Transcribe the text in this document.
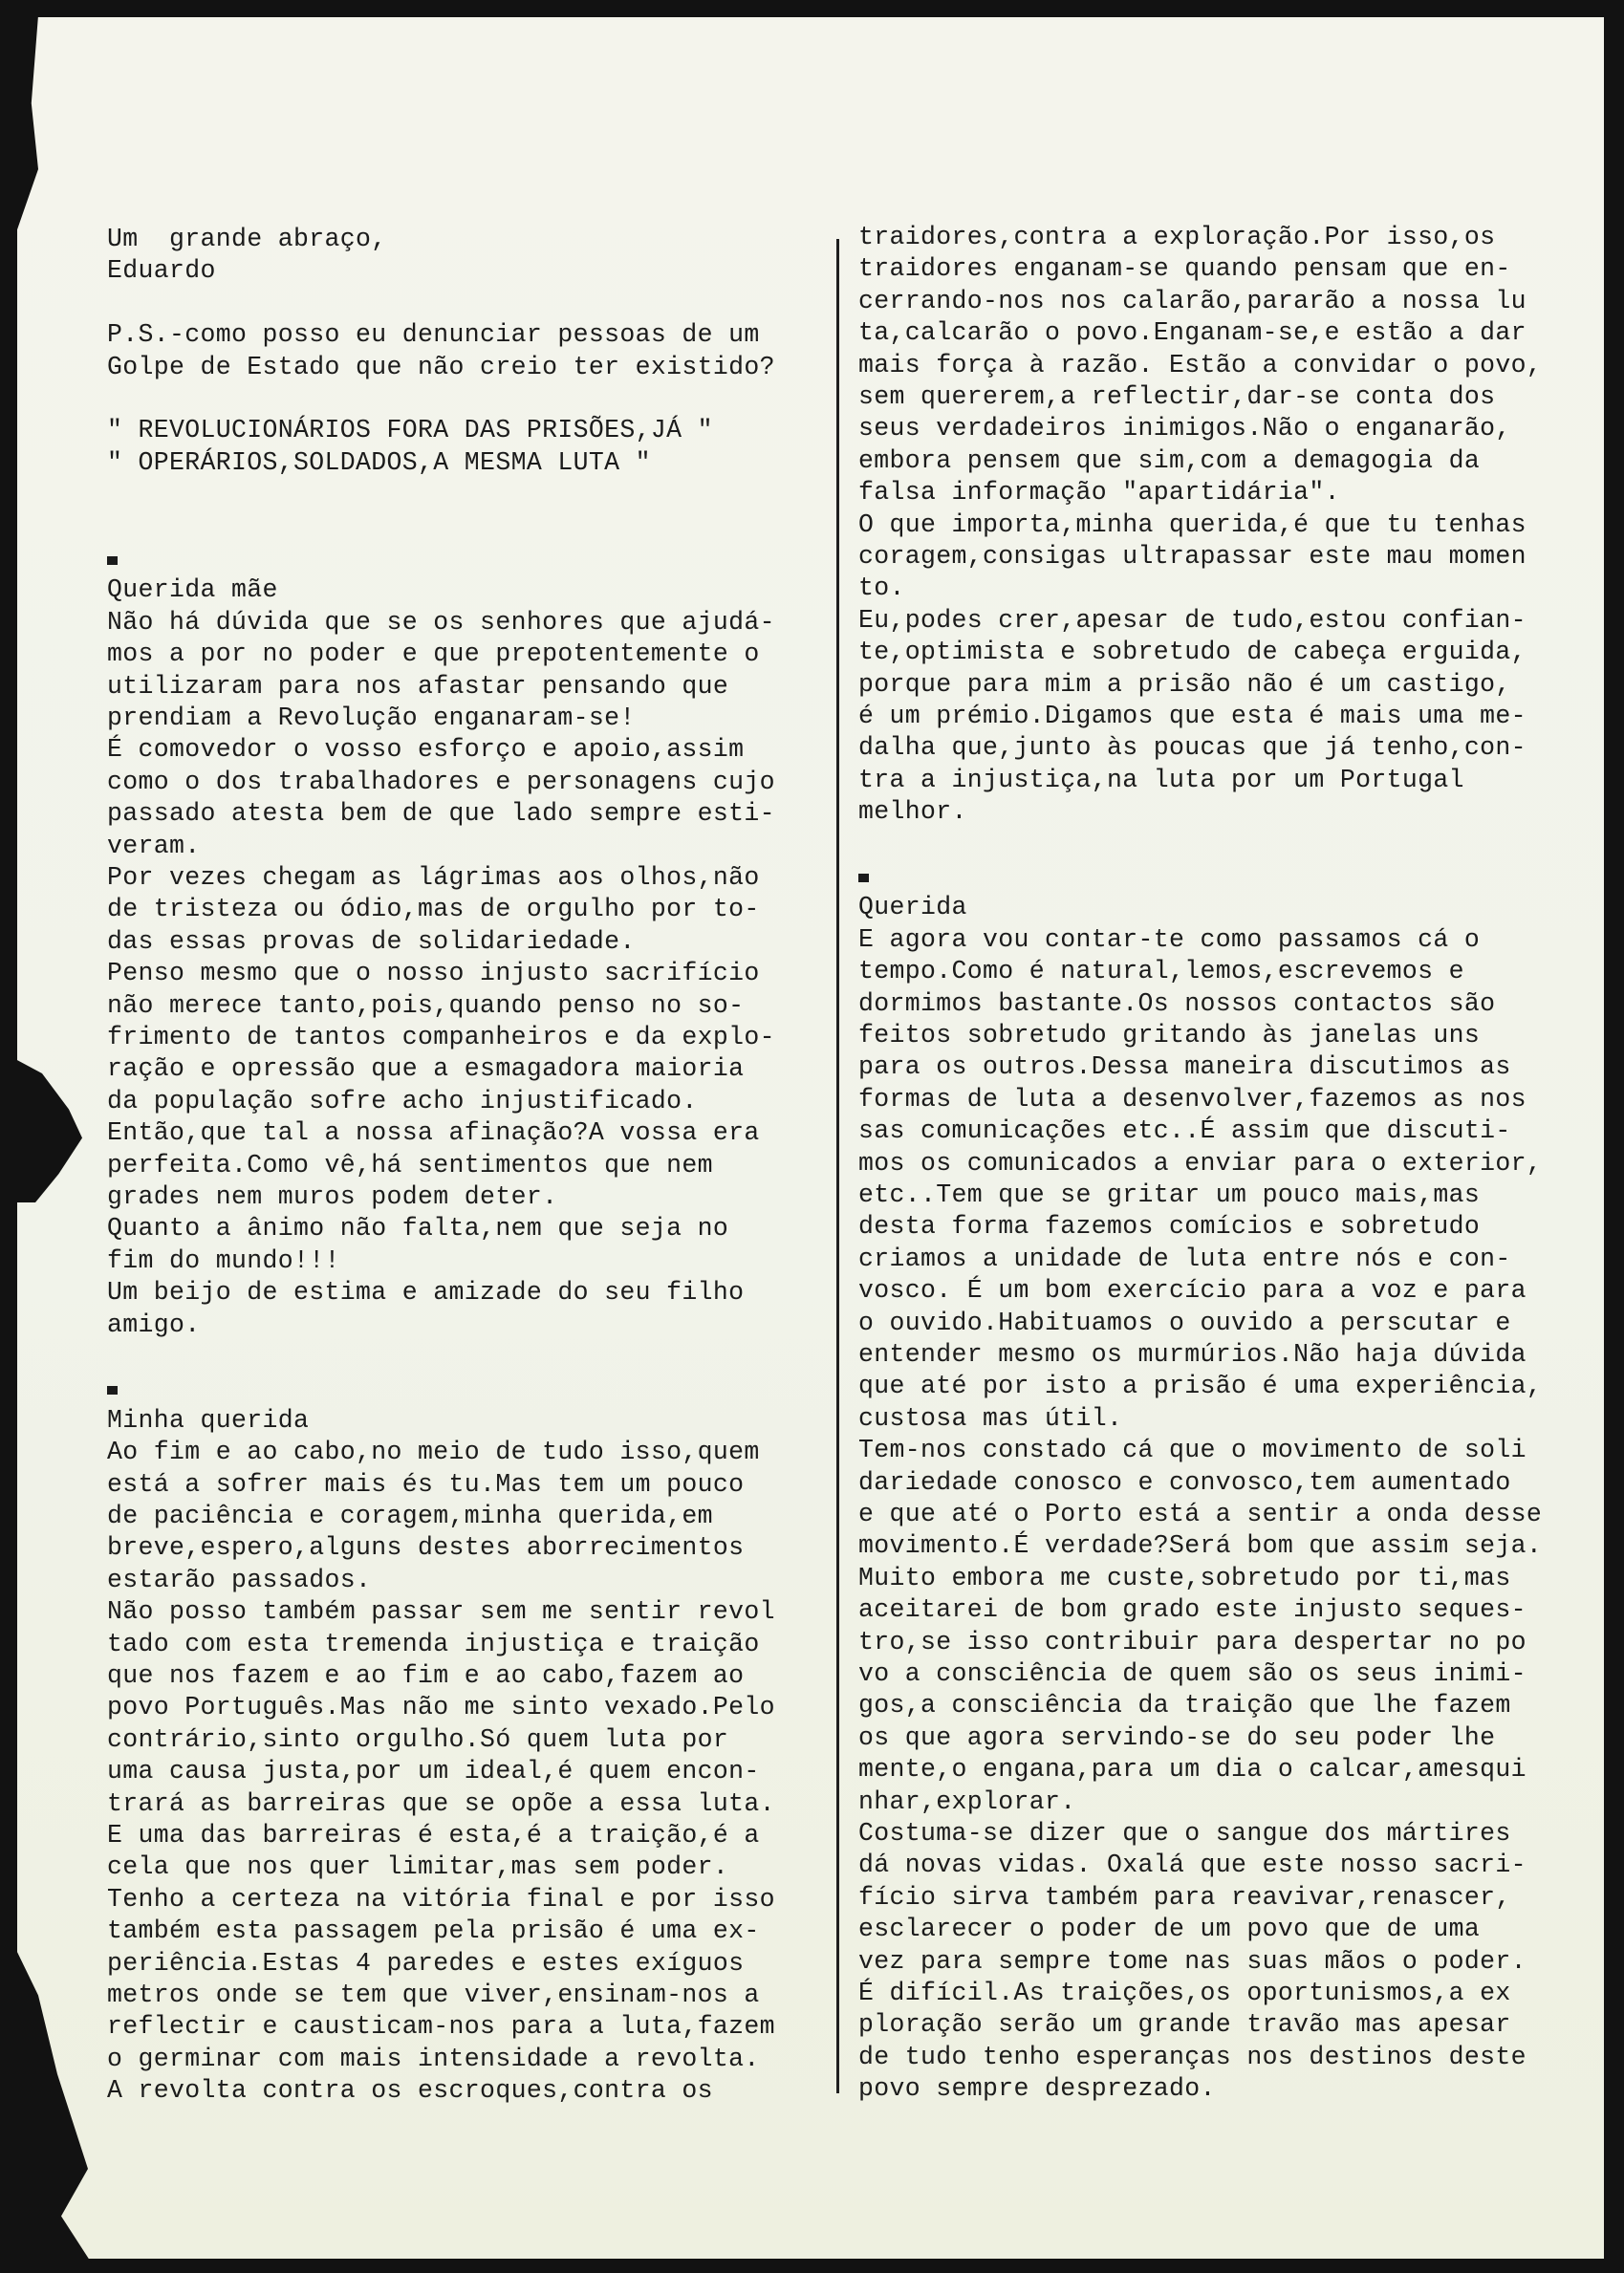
Um  grande abraço,
Eduardo
P.S.-como posso eu denunciar pessoas de um
Golpe de Estado que não creio ter existido?
" REVOLUCIONÁRIOS FORA DAS PRISÕES,JÁ "
" OPERÁRIOS,SOLDADOS,A MESMA LUTA "
Querida mãe
Não há dúvida que se os senhores que ajudá-
mos a por no poder e que prepotentemente o
utilizaram para nos afastar pensando que
prendiam a Revolução enganaram-se!
É comovedor o vosso esforço e apoio,assim
como o dos trabalhadores e personagens cujo
passado atesta bem de que lado sempre esti-
veram.
Por vezes chegam as lágrimas aos olhos,não
de tristeza ou ódio,mas de orgulho por to-
das essas provas de solidariedade.
Penso mesmo que o nosso injusto sacrifício
não merece tanto,pois,quando penso no so-
frimento de tantos companheiros e da explo-
ração e opressão que a esmagadora maioria
da população sofre acho injustificado.
Então,que tal a nossa afinação?A vossa era
perfeita.Como vê,há sentimentos que nem
grades nem muros podem deter.
Quanto a ânimo não falta,nem que seja no
fim do mundo!!!
Um beijo de estima e amizade do seu filho
amigo.
Minha querida
Ao fim e ao cabo,no meio de tudo isso,quem
está a sofrer mais és tu.Mas tem um pouco
de paciência e coragem,minha querida,em
breve,espero,alguns destes aborrecimentos
estarão passados.
Não posso também passar sem me sentir revol
tado com esta tremenda injustiça e traição
que nos fazem e ao fim e ao cabo,fazem ao
povo Português.Mas não me sinto vexado.Pelo
contrário,sinto orgulho.Só quem luta por
uma causa justa,por um ideal,é quem encon-
trará as barreiras que se opõe a essa luta.
E uma das barreiras é esta,é a traição,é a
cela que nos quer limitar,mas sem poder.
Tenho a certeza na vitória final e por isso
também esta passagem pela prisão é uma ex-
periência.Estas 4 paredes e estes exíguos
metros onde se tem que viver,ensinam-nos a
reflectir e causticam-nos para a luta,fazem
o germinar com mais intensidade a revolta.
A revolta contra os escroques,contra os
traidores,contra a exploração.Por isso,os
traidores enganam-se quando pensam que en-
cerrando-nos nos calarão,pararão a nossa lu
ta,calcarão o povo.Enganam-se,e estão a dar
mais força à razão. Estão a convidar o povo,
sem quererem,a reflectir,dar-se conta dos
seus verdadeiros inimigos.Não o enganarão,
embora pensem que sim,com a demagogia da
falsa informação "apartidária".
O que importa,minha querida,é que tu tenhas
coragem,consigas ultrapassar este mau momen
to.
Eu,podes crer,apesar de tudo,estou confian-
te,optimista e sobretudo de cabeça erguida,
porque para mim a prisão não é um castigo,
é um prémio.Digamos que esta é mais uma me-
dalha que,junto às poucas que já tenho,con-
tra a injustiça,na luta por um Portugal
melhor.
Querida
E agora vou contar-te como passamos cá o
tempo.Como é natural,lemos,escrevemos e
dormimos bastante.Os nossos contactos são
feitos sobretudo gritando às janelas uns
para os outros.Dessa maneira discutimos as
formas de luta a desenvolver,fazemos as nos
sas comunicações etc..É assim que discuti-
mos os comunicados a enviar para o exterior,
etc..Tem que se gritar um pouco mais,mas
desta forma fazemos comícios e sobretudo
criamos a unidade de luta entre nós e con-
vosco. É um bom exercício para a voz e para
o ouvido.Habituamos o ouvido a perscutar e
entender mesmo os murmúrios.Não haja dúvida
que até por isto a prisão é uma experiência,
custosa mas útil.
Tem-nos constado cá que o movimento de soli
dariedade conosco e convosco,tem aumentado
e que até o Porto está a sentir a onda desse
movimento.É verdade?Será bom que assim seja.
Muito embora me custe,sobretudo por ti,mas
aceitarei de bom grado este injusto seques-
tro,se isso contribuir para despertar no po
vo a consciência de quem são os seus inimi-
gos,a consciência da traição que lhe fazem
os que agora servindo-se do seu poder lhe
mente,o engana,para um dia o calcar,amesqui
nhar,explorar.
Costuma-se dizer que o sangue dos mártires
dá novas vidas. Oxalá que este nosso sacri-
fício sirva também para reavivar,renascer,
esclarecer o poder de um povo que de uma
vez para sempre tome nas suas mãos o poder.
É difícil.As traições,os oportunismos,a ex
ploração serão um grande travão mas apesar
de tudo tenho esperanças nos destinos deste
povo sempre desprezado.
